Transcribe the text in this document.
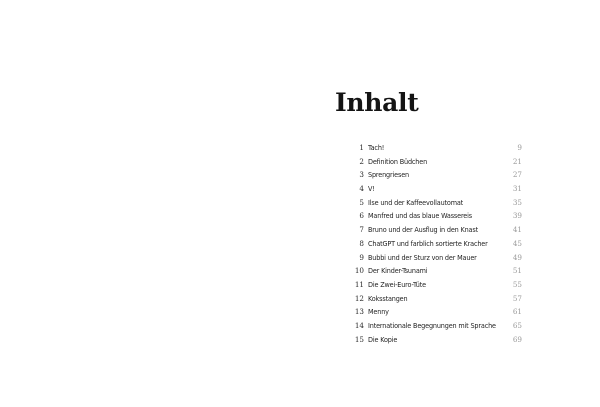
Inhalt
1 Tach!	9
2 Definition Büdchen	21
3 Sprengriesen	27
4 V!	31
5 Ilse und der Kaffeevollautomat	35
6 Manfred und das blaue Wassereis	39
7 Bruno und der Ausflug in den Knast	41
8 ChatGPT und farblich sortierte Kracher	45
9 Bubbi und der Sturz von der Mauer	49
10 Der Kinder-Tsunami	51
11 Die Zwei-Euro-Tüte	55
12 Koksstangen	57
13 Menny	61
14 Internationale Begegnungen mit Sprache	65
15 Die Kopie	69
